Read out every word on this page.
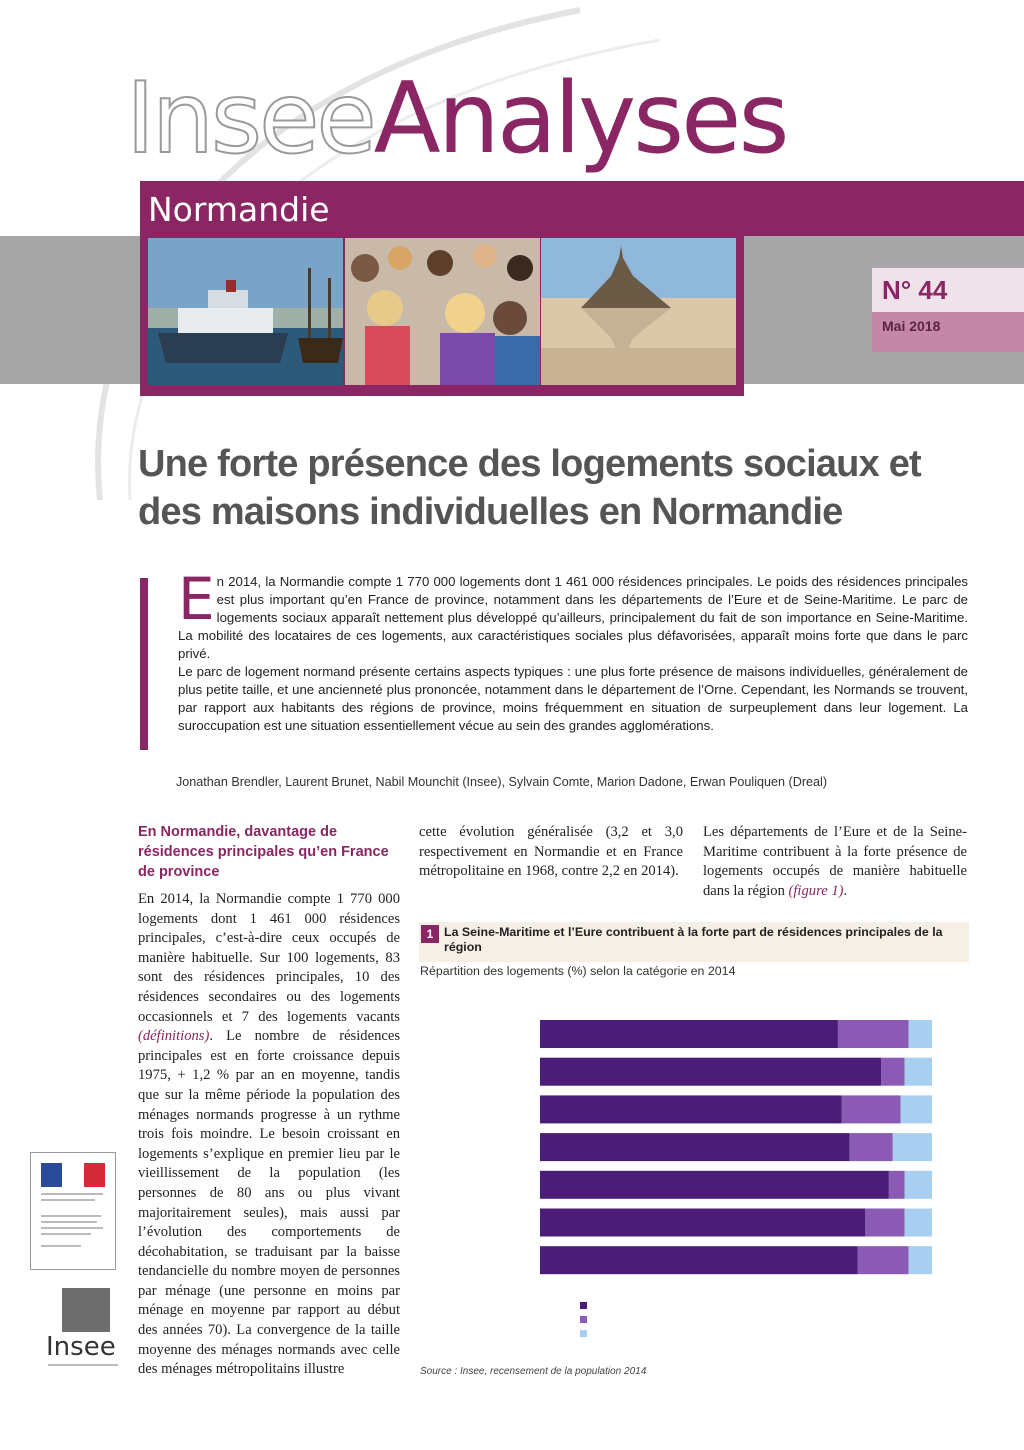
InseeAnalyses
Normandie
N° 44
Mai 2018
Une forte présence des logements sociaux et
des maisons individuelles en Normandie

En 2014, la Normandie compte 1 770 000 logements dont 1 461 000 résidences principales. Le poids des résidences principales est plus important qu’en France de province, notamment dans les départements de l’Eure et de Seine-Maritime. Le parc de logements sociaux apparaît nettement plus développé qu’ailleurs, principalement du fait de son importance en Seine-Maritime. La mobilité des locataires de ces logements, aux caractéristiques sociales plus défavorisées, apparaît moins forte que dans le parc privé.

Le parc de logement normand présente certains aspects typiques : une plus forte présence de maisons individuelles, généralement de plus petite taille, et une ancienneté plus prononcée, notamment dans le département de l’Orne. Cependant, les Normands se trouvent, par rapport aux habitants des régions de province, moins fréquemment en situation de surpeuplement dans leur logement. La suroccupation est une situation essentiellement vécue au sein des grandes agglomérations.

Jonathan Brendler, Laurent Brunet, Nabil Mounchit (Insee), Sylvain Comte, Marion Dadone, Erwan Pouliquen (Dreal)
En Normandie, davantage de résidences principales qu’en France de province
En 2014, la Normandie compte 1 770 000 logements dont 1 461 000 résidences principales, c’est-à-dire ceux occupés de manière habituelle. Sur 100 logements, 83 sont des résidences principales, 10 des résidences secondaires ou des logements occasionnels et 7 des logements vacants (définitions). Le nombre de résidences principales est en forte croissance depuis 1975, + 1,2 % par an en moyenne, tandis que sur la même période la population des ménages normands progresse à un rythme trois fois moindre. Le besoin croissant en logements s’explique en premier lieu par le vieillissement de la population (les personnes de 80 ans ou plus vivant majoritairement seules), mais aussi par l’évolution des comportements de décohabitation, se traduisant par la baisse tendancielle du nombre moyen de personnes par ménage (une personne en moins par ménage en moyenne par rapport au début des années 70). La convergence de la taille moyenne des ménages normands avec celle des ménages métropolitains illustre
cette évolution généralisée (3,2 et 3,0 respectivement en Normandie et en France métropolitaine en 1968, contre 2,2 en 2014).
Les départements de l’Eure et de la Seine-Maritime contribuent à la forte présence de logements occupés de manière habituelle dans la région (figure 1).
1 La Seine-Maritime et l’Eure contribuent à la forte part de résidences principales de la région
Répartition des logements (%) selon la catégorie en 2014
Source : Insee, recensement de la population 2014
Insee
